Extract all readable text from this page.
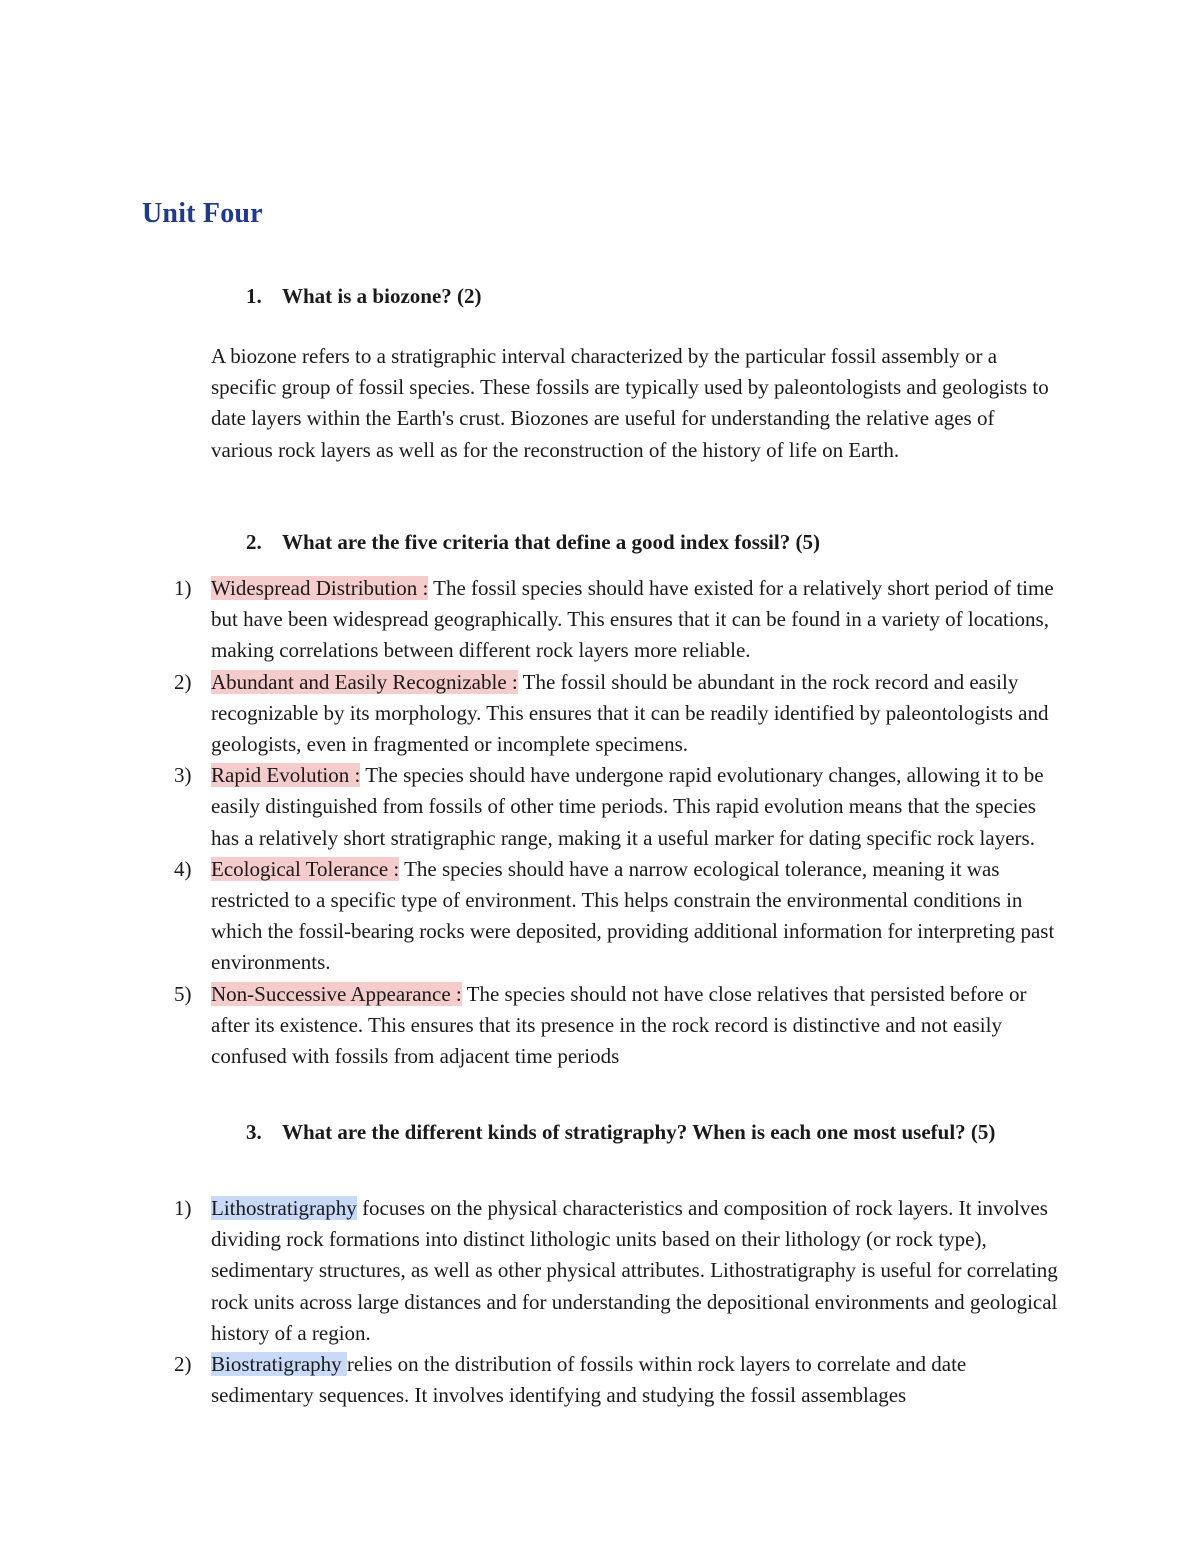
Unit Four
1. What is a biozone? (2)

A biozone refers to a stratigraphic interval characterized by the particular fossil assembly or a specific group of fossil species. These fossils are typically used by paleontologists and geologists to date layers within the Earth's crust. Biozones are useful for understanding the relative ages of various rock layers as well as for the reconstruction of the history of life on Earth.

2. What are the five criteria that define a good index fossil? (5)
1) Widespread Distribution : The fossil species should have existed for a relatively short period of time but have been widespread geographically. This ensures that it can be found in a variety of locations, making correlations between different rock layers more reliable.
2) Abundant and Easily Recognizable : The fossil should be abundant in the rock record and easily recognizable by its morphology. This ensures that it can be readily identified by paleontologists and geologists, even in fragmented or incomplete specimens.
3) Rapid Evolution : The species should have undergone rapid evolutionary changes, allowing it to be easily distinguished from fossils of other time periods. This rapid evolution means that the species has a relatively short stratigraphic range, making it a useful marker for dating specific rock layers.
4) Ecological Tolerance : The species should have a narrow ecological tolerance, meaning it was restricted to a specific type of environment. This helps constrain the environmental conditions in which the fossil-bearing rocks were deposited, providing additional information for interpreting past environments.
5) Non-Successive Appearance : The species should not have close relatives that persisted before or after its existence. This ensures that its presence in the rock record is distinctive and not easily confused with fossils from adjacent time periods
3. What are the different kinds of stratigraphy? When is each one most useful? (5)
1) Lithostratigraphy focuses on the physical characteristics and composition of rock layers. It involves dividing rock formations into distinct lithologic units based on their lithology (or rock type), sedimentary structures, as well as other physical attributes. Lithostratigraphy is useful for correlating rock units across large distances and for understanding the depositional environments and geological history of a region.
2) Biostratigraphy relies on the distribution of fossils within rock layers to correlate and date sedimentary sequences. It involves identifying and studying the fossil assemblages
